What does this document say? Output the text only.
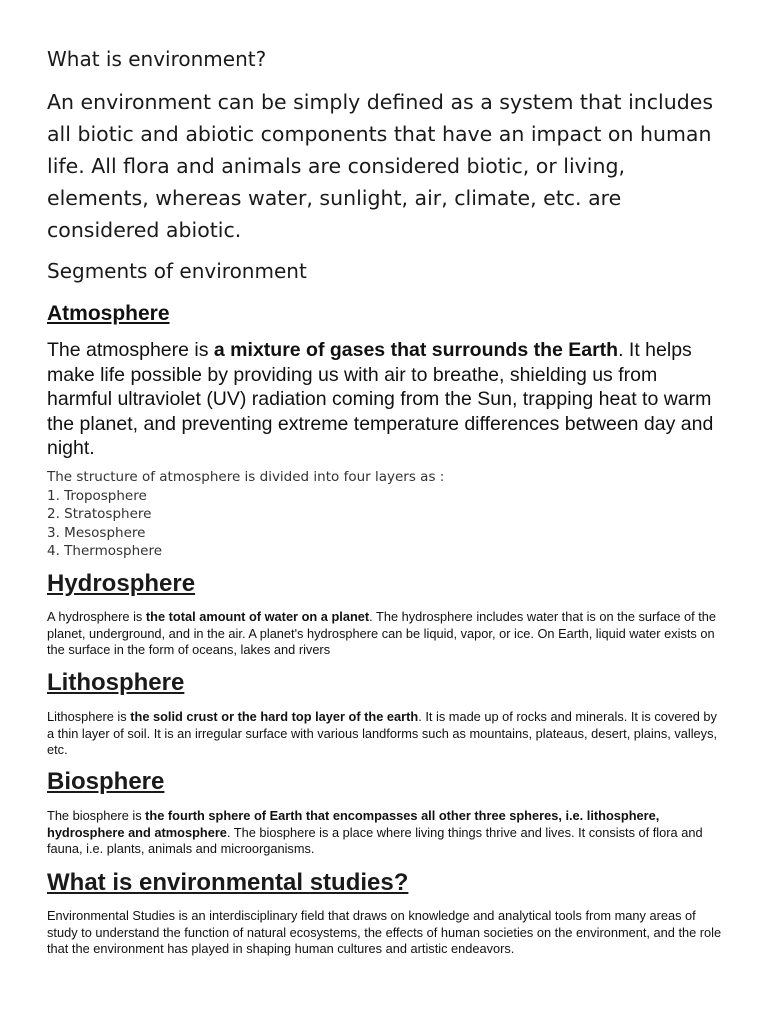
What is environment?

An environment can be simply defined as a system that includes all biotic and abiotic components that have an impact on human life. All flora and animals are considered biotic, or living, elements, whereas water, sunlight, air, climate, etc. are considered abiotic.

Segments of environment
Atmosphere

The atmosphere is a mixture of gases that surrounds the Earth. It helps make life possible by providing us with air to breathe, shielding us from harmful ultraviolet (UV) radiation coming from the Sun, trapping heat to warm the planet, and preventing extreme temperature differences between day and night.

The structure of atmosphere is divided into four layers as :
1. Troposphere
2. Stratosphere
3. Mesosphere
4. Thermosphere
Hydrosphere

A hydrosphere is the total amount of water on a planet. The hydrosphere includes water that is on the surface of the planet, underground, and in the air. A planet's hydrosphere can be liquid, vapor, or ice. On Earth, liquid water exists on the surface in the form of oceans, lakes and rivers

Lithosphere

Lithosphere is the solid crust or the hard top layer of the earth. It is made up of rocks and minerals. It is covered by a thin layer of soil. It is an irregular surface with various landforms such as mountains, plateaus, desert, plains, valleys, etc.

Biosphere

The biosphere is the fourth sphere of Earth that encompasses all other three spheres, i.e. lithosphere, hydrosphere and atmosphere. The biosphere is a place where living things thrive and lives. It consists of flora and fauna, i.e. plants, animals and microorganisms.

What is environmental studies?

Environmental Studies is an interdisciplinary field that draws on knowledge and analytical tools from many areas of study to understand the function of natural ecosystems, the effects of human societies on the environment, and the role that the environment has played in shaping human cultures and artistic endeavors.
